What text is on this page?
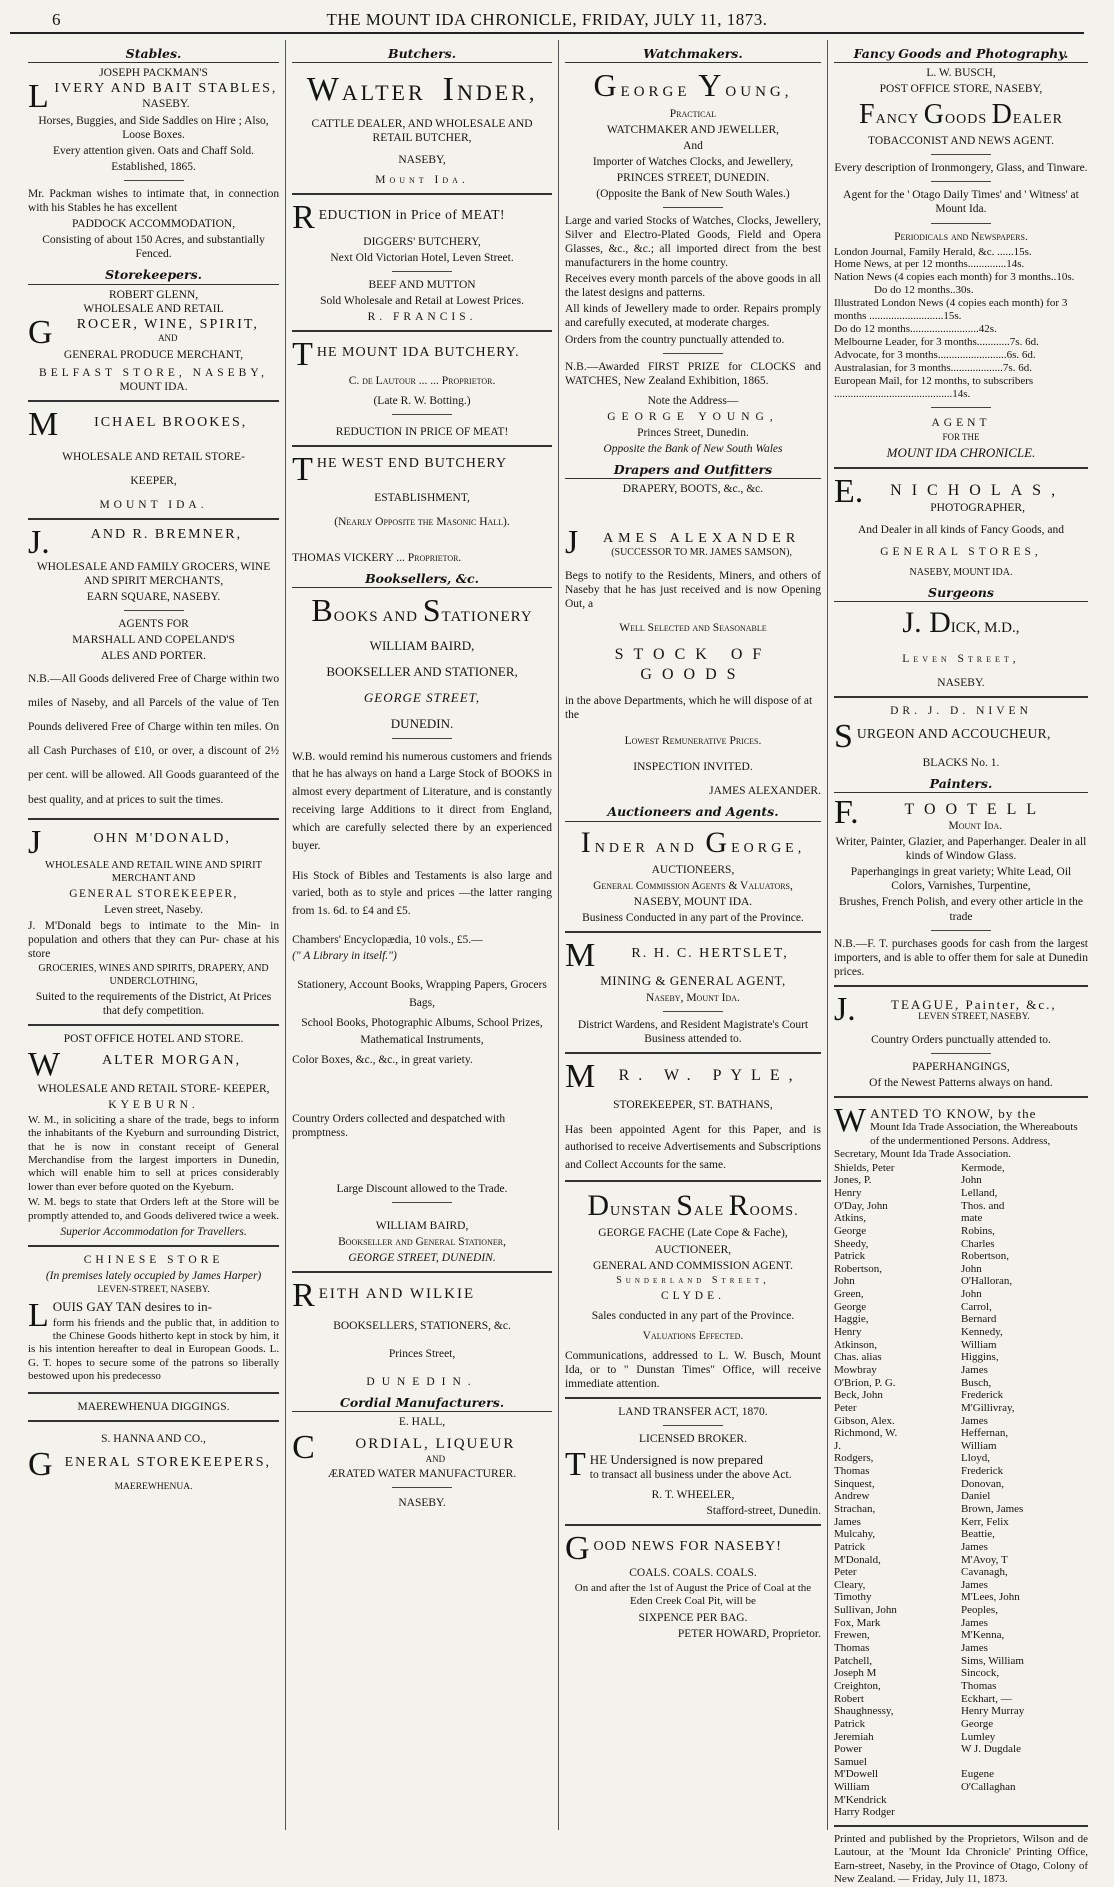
6	THE MOUNT IDA CHRONICLE, FRIDAY, JULY 11, 1873.
Stables.
JOSEPH PACKMAN'S
L IVERY AND BAIT STABLES,
NASEBY.

Horses, Buggies, and Side Saddles on Hire ; Also, Loose Boxes.

Every attention given. Oats and Chaff Sold.

Established, 1865.

Mr. Packman wishes to intimate that, in connection with his Stables he has excellent

PADDOCK ACCOMMODATION,

Consisting of about 150 Acres, and substantially Fenced.

Storekeepers.
ROBERT GLENN,
WHOLESALE AND RETAIL
G	ROCER, WINE, SPIRIT,
AND
GENERAL PRODUCE MERCHANT,
BELFAST STORE, NASEBY,
MOUNT IDA.
M	ICHAEL BROOKES,

WHOLESALE AND RETAIL STORE-

KEEPER,

MOUNT IDA.

J.	AND R. BREMNER,

WHOLESALE AND FAMILY GROCERS, WINE AND SPIRIT MERCHANTS,

EARN SQUARE, NASEBY.

AGENTS FOR

MARSHALL AND COPELAND'S

ALES AND PORTER.

N.B.—All Goods delivered Free of Charge within two miles of Naseby, and all Parcels of the value of Ten Pounds delivered Free of Charge within ten miles. On all Cash Purchases of £10, or over, a discount of 2½ per cent. will be allowed. All Goods guaranteed of the best quality, and at prices to suit the times.

J	OHN M'DONALD,

WHOLESALE AND RETAIL WINE AND SPIRIT MERCHANT AND

GENERAL STOREKEEPER,

Leven street, Naseby.

J. M'Donald begs to intimate to the Min- in population and others that they can Pur- chase at his store

GROCERIES, WINES AND SPIRITS, DRAPERY, AND UNDERCLOTHING,

Suited to the requirements of the District, At Prices that defy competition.

POST OFFICE HOTEL AND STORE.

W	ALTER MORGAN,

WHOLESALE AND RETAIL STORE- KEEPER,

KYEBURN.

W. M., in soliciting a share of the trade, begs to inform the inhabitants of the Kyeburn and surrounding District, that he is now in constant receipt of General Merchandise from the largest importers in Dunedin, which will enable him to sell at prices considerably lower than ever before quoted on the Kyeburn.

W. M. begs to state that Orders left at the Store will be promptly attended to, and Goods delivered twice a week.

Superior Accommodation for Travellers.

CHINESE STORE

(In premises lately occupied by James Harper)

LEVEN-STREET, NASEBY.

L OUIS GAY TAN desires to in-

form his friends and the public that, in addition to the Chinese Goods hitherto kept in stock by him, it is his intention hereafter to deal in European Goods. L. G. T. hopes to secure some of the patrons so liberally bestowed upon his predecesso

MAEREWHENUA DIGGINGS.

S. HANNA AND CO.,

G ENERAL STOREKEEPERS,

MAEREWHENUA.

Butchers.
WALTER INDER,

CATTLE DEALER, AND WHOLESALE AND RETAIL BUTCHER,

NASEBY,

Mount Ida.

R EDUCTION in Price of MEAT!

DIGGERS' BUTCHERY,

Next Old Victorian Hotel, Leven Street.

BEEF AND MUTTON

Sold Wholesale and Retail at Lowest Prices.

R. FRANCIS.

T HE MOUNT IDA BUTCHERY.

C. de Lautour ... ... Proprietor.

(Late R. W. Botting.)

REDUCTION IN PRICE OF MEAT!

T HE WEST END BUTCHERY

ESTABLISHMENT,

(Nearly Opposite the Masonic Hall).

THOMAS VICKERY ... Proprietor.

Booksellers, &c.
BOOKS AND STATIONERY

WILLIAM BAIRD,

BOOKSELLER AND STATIONER,

GEORGE STREET,

DUNEDIN.

W.B. would remind his numerous customers and friends that he has always on hand a Large Stock of BOOKS in almost every department of Literature, and is constantly receiving large Additions to it direct from England, which are carefully selected there by an experienced buyer.

His Stock of Bibles and Testaments is also large and varied, both as to style and prices —the latter ranging from 1s. 6d. to £4 and £5.

Chambers' Encyclopædia, 10 vols., £5.—

(" A Library in itself.")

Stationery, Account Books, Wrapping Papers, Grocers Bags,

School Books, Photographic Albums, School Prizes, Mathematical Instruments,

Color Boxes, &c., &c., in great variety.

Country Orders collected and despatched with promptness.

Large Discount allowed to the Trade.

WILLIAM BAIRD,

Bookseller and General Stationer,

GEORGE STREET, DUNEDIN.

R EITH AND WILKIE

BOOKSELLERS, STATIONERS, &c.

Princes Street,

DUNEDIN.

Cordial Manufacturers.

E. HALL,

C	ORDIAL, LIQUEUR
AND

ÆRATED WATER MANUFACTURER.

NASEBY.

Watchmakers.
GEORGE YOUNG,

Practical

WATCHMAKER AND JEWELLER,

And

Importer of Watches Clocks, and Jewellery,

PRINCES STREET, DUNEDIN.

(Opposite the Bank of New South Wales.)

Large and varied Stocks of Watches, Clocks, Jewellery, Silver and Electro-Plated Goods, Field and Opera Glasses, &c., &c.; all imported direct from the best manufacturers in the home country.

Receives every month parcels of the above goods in all the latest designs and patterns.

All kinds of Jewellery made to order. Repairs promply and carefully executed, at moderate charges.

Orders from the country punctually attended to.

N.B.—Awarded FIRST PRIZE for CLOCKS and WATCHES, New Zealand Exhibition, 1865.

Note the Address—

GEORGE YOUNG,

Princes Street, Dunedin.

Opposite the Bank of New South Wales

Drapers and Outfitters

DRAPERY, BOOTS, &c., &c.

J	AMES ALEXANDER
(SUCCESSOR TO MR. JAMES SAMSON),

Begs to notify to the Residents, Miners, and others of Naseby that he has just received and is now Opening Out, a

Well Selected and Seasonable

STOCK OF GOODS

in the above Departments, which he will dispose of at the

Lowest Remunerative Prices.

INSPECTION INVITED.

JAMES ALEXANDER.

Auctioneers and Agents.
INDER AND GEORGE,

AUCTIONEERS,

General Commission Agents & Valuators,

NASEBY, MOUNT IDA.

Business Conducted in any part of the Province.

M	R. H. C. HERTSLET,

MINING & GENERAL AGENT,

Naseby, Mount Ida.

District Wardens, and Resident Magistrate's Court Business attended to.

M	R. W. PYLE,

STOREKEEPER, ST. BATHANS,

Has been appointed Agent for this Paper, and is authorised to receive Advertisements and Subscriptions and Collect Accounts for the same.

DUNSTAN SALE ROOMS.

GEORGE FACHE (Late Cope & Fache),

AUCTIONEER,

GENERAL AND COMMISSION AGENT.

Sunderland Street,

CLYDE.

Sales conducted in any part of the Province.

Valuations Effected.

Communications, addressed to L. W. Busch, Mount Ida, or to " Dunstan Times" Office, will receive immediate attention.

LAND TRANSFER ACT, 1870.

LICENSED BROKER.

T HE Undersigned is now prepared
to transact all business under the above Act.

R. T. WHEELER,

Stafford-street, Dunedin.

G OOD NEWS FOR NASEBY!

COALS. COALS. COALS.

On and after the 1st of August the Price of Coal at the Eden Creek Coal Pit, will be

SIXPENCE PER BAG.

PETER HOWARD, Proprietor.

Fancy Goods and Photography.

L. W. BUSCH,

POST OFFICE STORE, NASEBY,

FANCY GOODS DEALER

TOBACCONIST AND NEWS AGENT.

Every description of Ironmongery, Glass, and Tinware.

Agent for the ' Otago Daily Times' and ' Witness' at Mount Ida.

Periodicals and Newspapers.

London Journal, Family Herald, &c. ......15s.
Home News, at per 12 months..............14s.
Nation News (4 copies each month) for 3 months..10s.
Do do 12 months..30s.
Illustrated London News (4 copies each month) for 3 months ...........................15s.
Do do 12 months.........................42s.
Melbourne Leader, for 3 months............7s. 6d.
Advocate, for 3 months.........................6s. 6d.
Australasian, for 3 months...................7s. 6d.
European Mail, for 12 months, to subscribers ...........................................14s.

AGENT

FOR THE

MOUNT IDA CHRONICLE.

E.	NICHOLAS,
PHOTOGRAPHER,

And Dealer in all kinds of Fancy Goods, and

GENERAL STORES,

NASEBY, MOUNT IDA.

Surgeons
J. DICK, M.D.,

Leven Street,

NASEBY.

DR. J. D. NIVEN

S URGEON AND ACCOUCHEUR,

BLACKS No. 1.

Painters.
F.	TOOTELL
Mount Ida.

Writer, Painter, Glazier, and Paperhanger. Dealer in all kinds of Window Glass.

Paperhangings in great variety; White Lead, Oil Colors, Varnishes, Turpentine,

Brushes, French Polish, and every other article in the trade

N.B.—F. T. purchases goods for cash from the largest importers, and is able to offer them for sale at Dunedin prices.

J.	TEAGUE, Painter, &c.,
LEVEN STREET, NASEBY.

Country Orders punctually attended to.

PAPERHANGINGS,

Of the Newest Patterns always on hand.

W ANTED TO KNOW, by the
Mount Ida Trade Association, the Whereabouts of the undermentioned Persons. Address, Secretary, Mount Ida Trade Association.
Shields, Peter
Jones, P. Henry
O'Day, John
Atkins, George
Sheedy, Patrick
Robertson, John
Green, George
Haggie, Henry
Atkinson, Chas. alias Mowbray
O'Brion, P. G.
Beck, John Peter
Gibson, Alex.
Richmond, W. J.
Rodgers, Thomas
Sinquest, Andrew
Strachan, James
Mulcahy, Patrick
M'Donald, Peter
Cleary, Timothy
Sullivan, John
Fox, Mark
Frewen, Thomas
Patchell, Joseph M
Creighton, Robert
Shaughnessy, Patrick
Jeremiah Power
Samuel M'Dowell
William M'Kendrick
Harry Rodger
Kermode, John
Lelland, Thos. and mate
Robins, Charles
Robertson, John
O'Halloran, John
Carrol, Bernard
Kennedy, William
Higgins, James
Busch, Frederick
M'Gillivray, James
Heffernan, William
Lloyd, Frederick
Donovan, Daniel
Brown, James
Kerr, Felix
Beattie, James
M'Avoy, T
Cavanagh, James
M'Lees, John
Peoples, James
M'Kenna, James
Sims, William
Sincock, Thomas
Eckhart, —
Henry Murray
George Lumley
W J. Dugdale

Eugene O'Callaghan

Printed and published by the Proprietors, Wilson and de Lautour, at the 'Mount Ida Chronicle' Printing Office, Earn-street, Naseby, in the Province of Otago, Colony of New Zealand. — Friday, July 11, 1873.
